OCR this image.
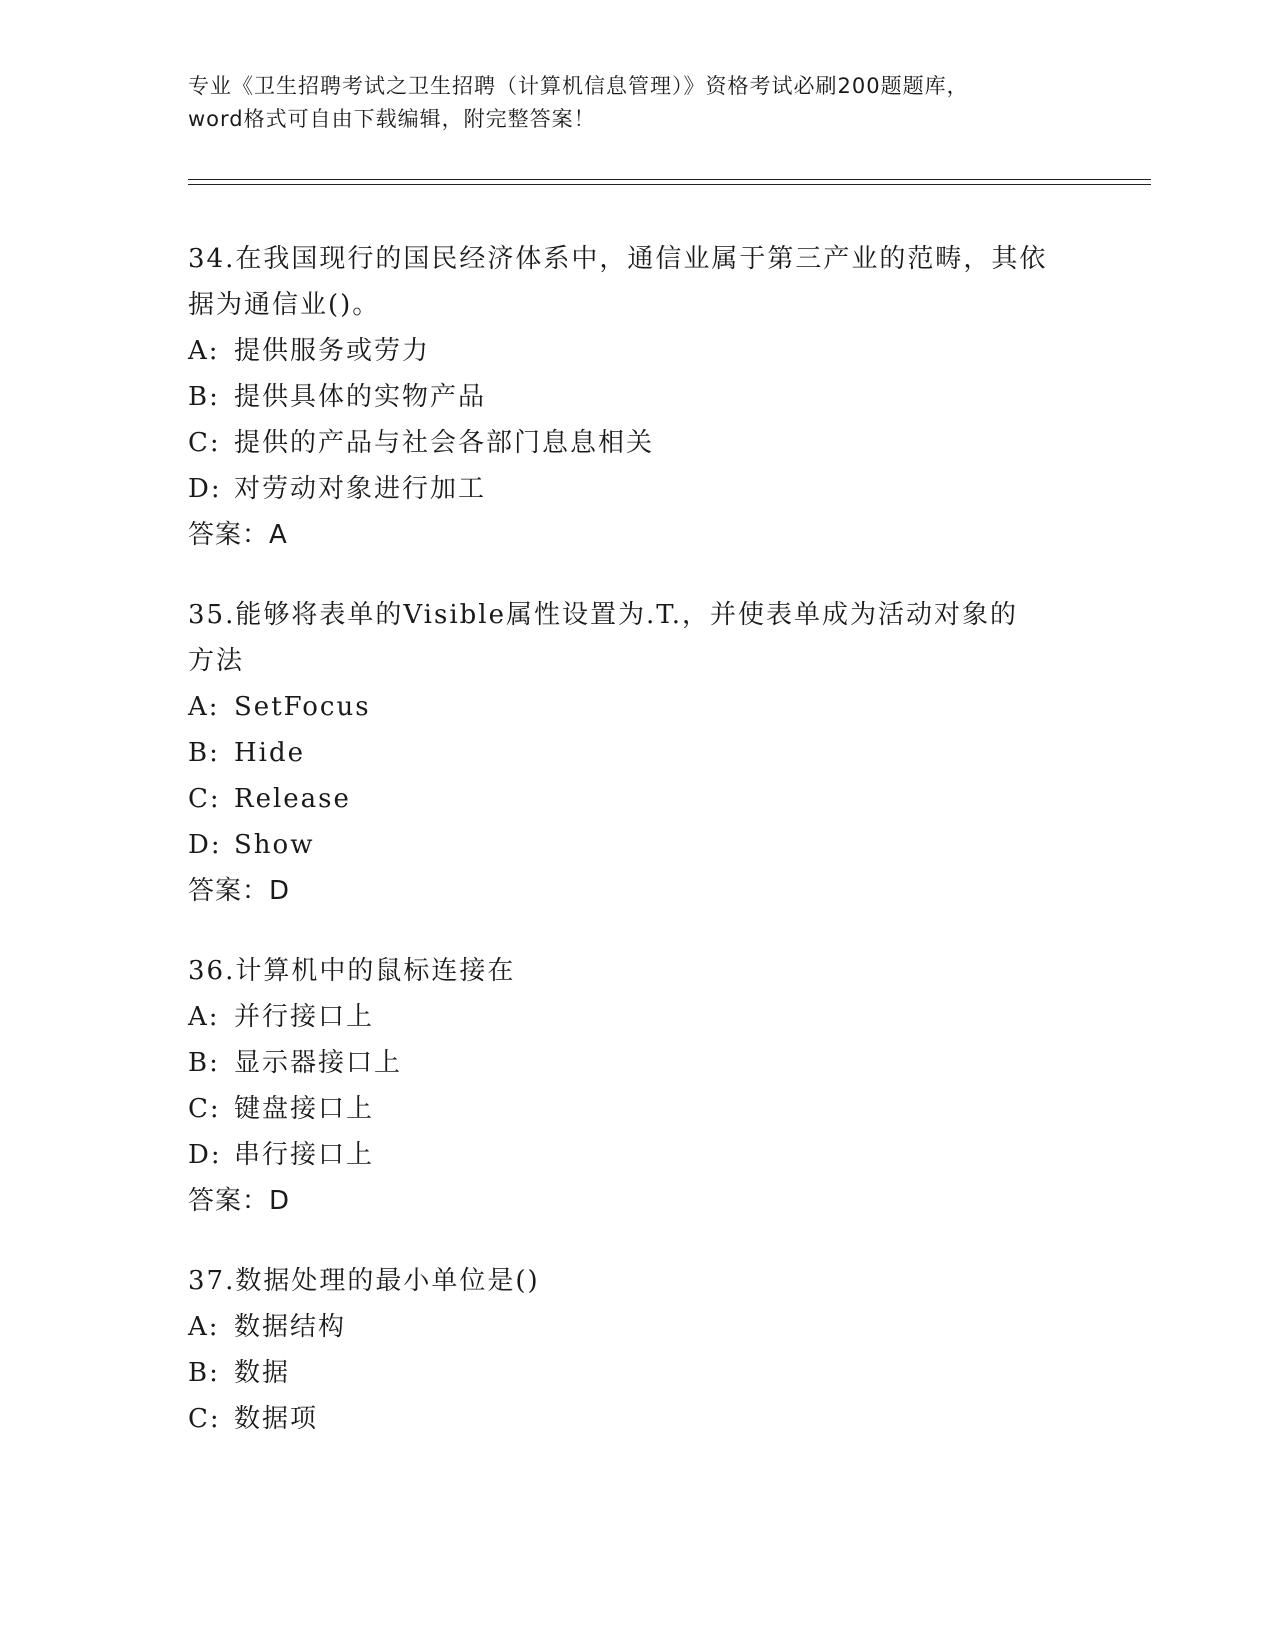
专业《卫生招聘考试之卫生招聘（计算机信息管理）》资格考试必刷200题题库，
word格式可自由下载编辑，附完整答案！
34.在我国现行的国民经济体系中，通信业属于第三产业的范畴，其依
据为通信业()。
A: 提供服务或劳力
B: 提供具体的实物产品
C: 提供的产品与社会各部门息息相关
D: 对劳动对象进行加工
答案：A
35.能够将表单的Visible属性设置为.T.，并使表单成为活动对象的
方法
A: SetFocus
B: Hide
C: Release
D: Show
答案：D
36.计算机中的鼠标连接在
A: 并行接口上
B: 显示器接口上
C: 键盘接口上
D: 串行接口上
答案：D
37.数据处理的最小单位是()
A: 数据结构
B: 数据
C: 数据项
